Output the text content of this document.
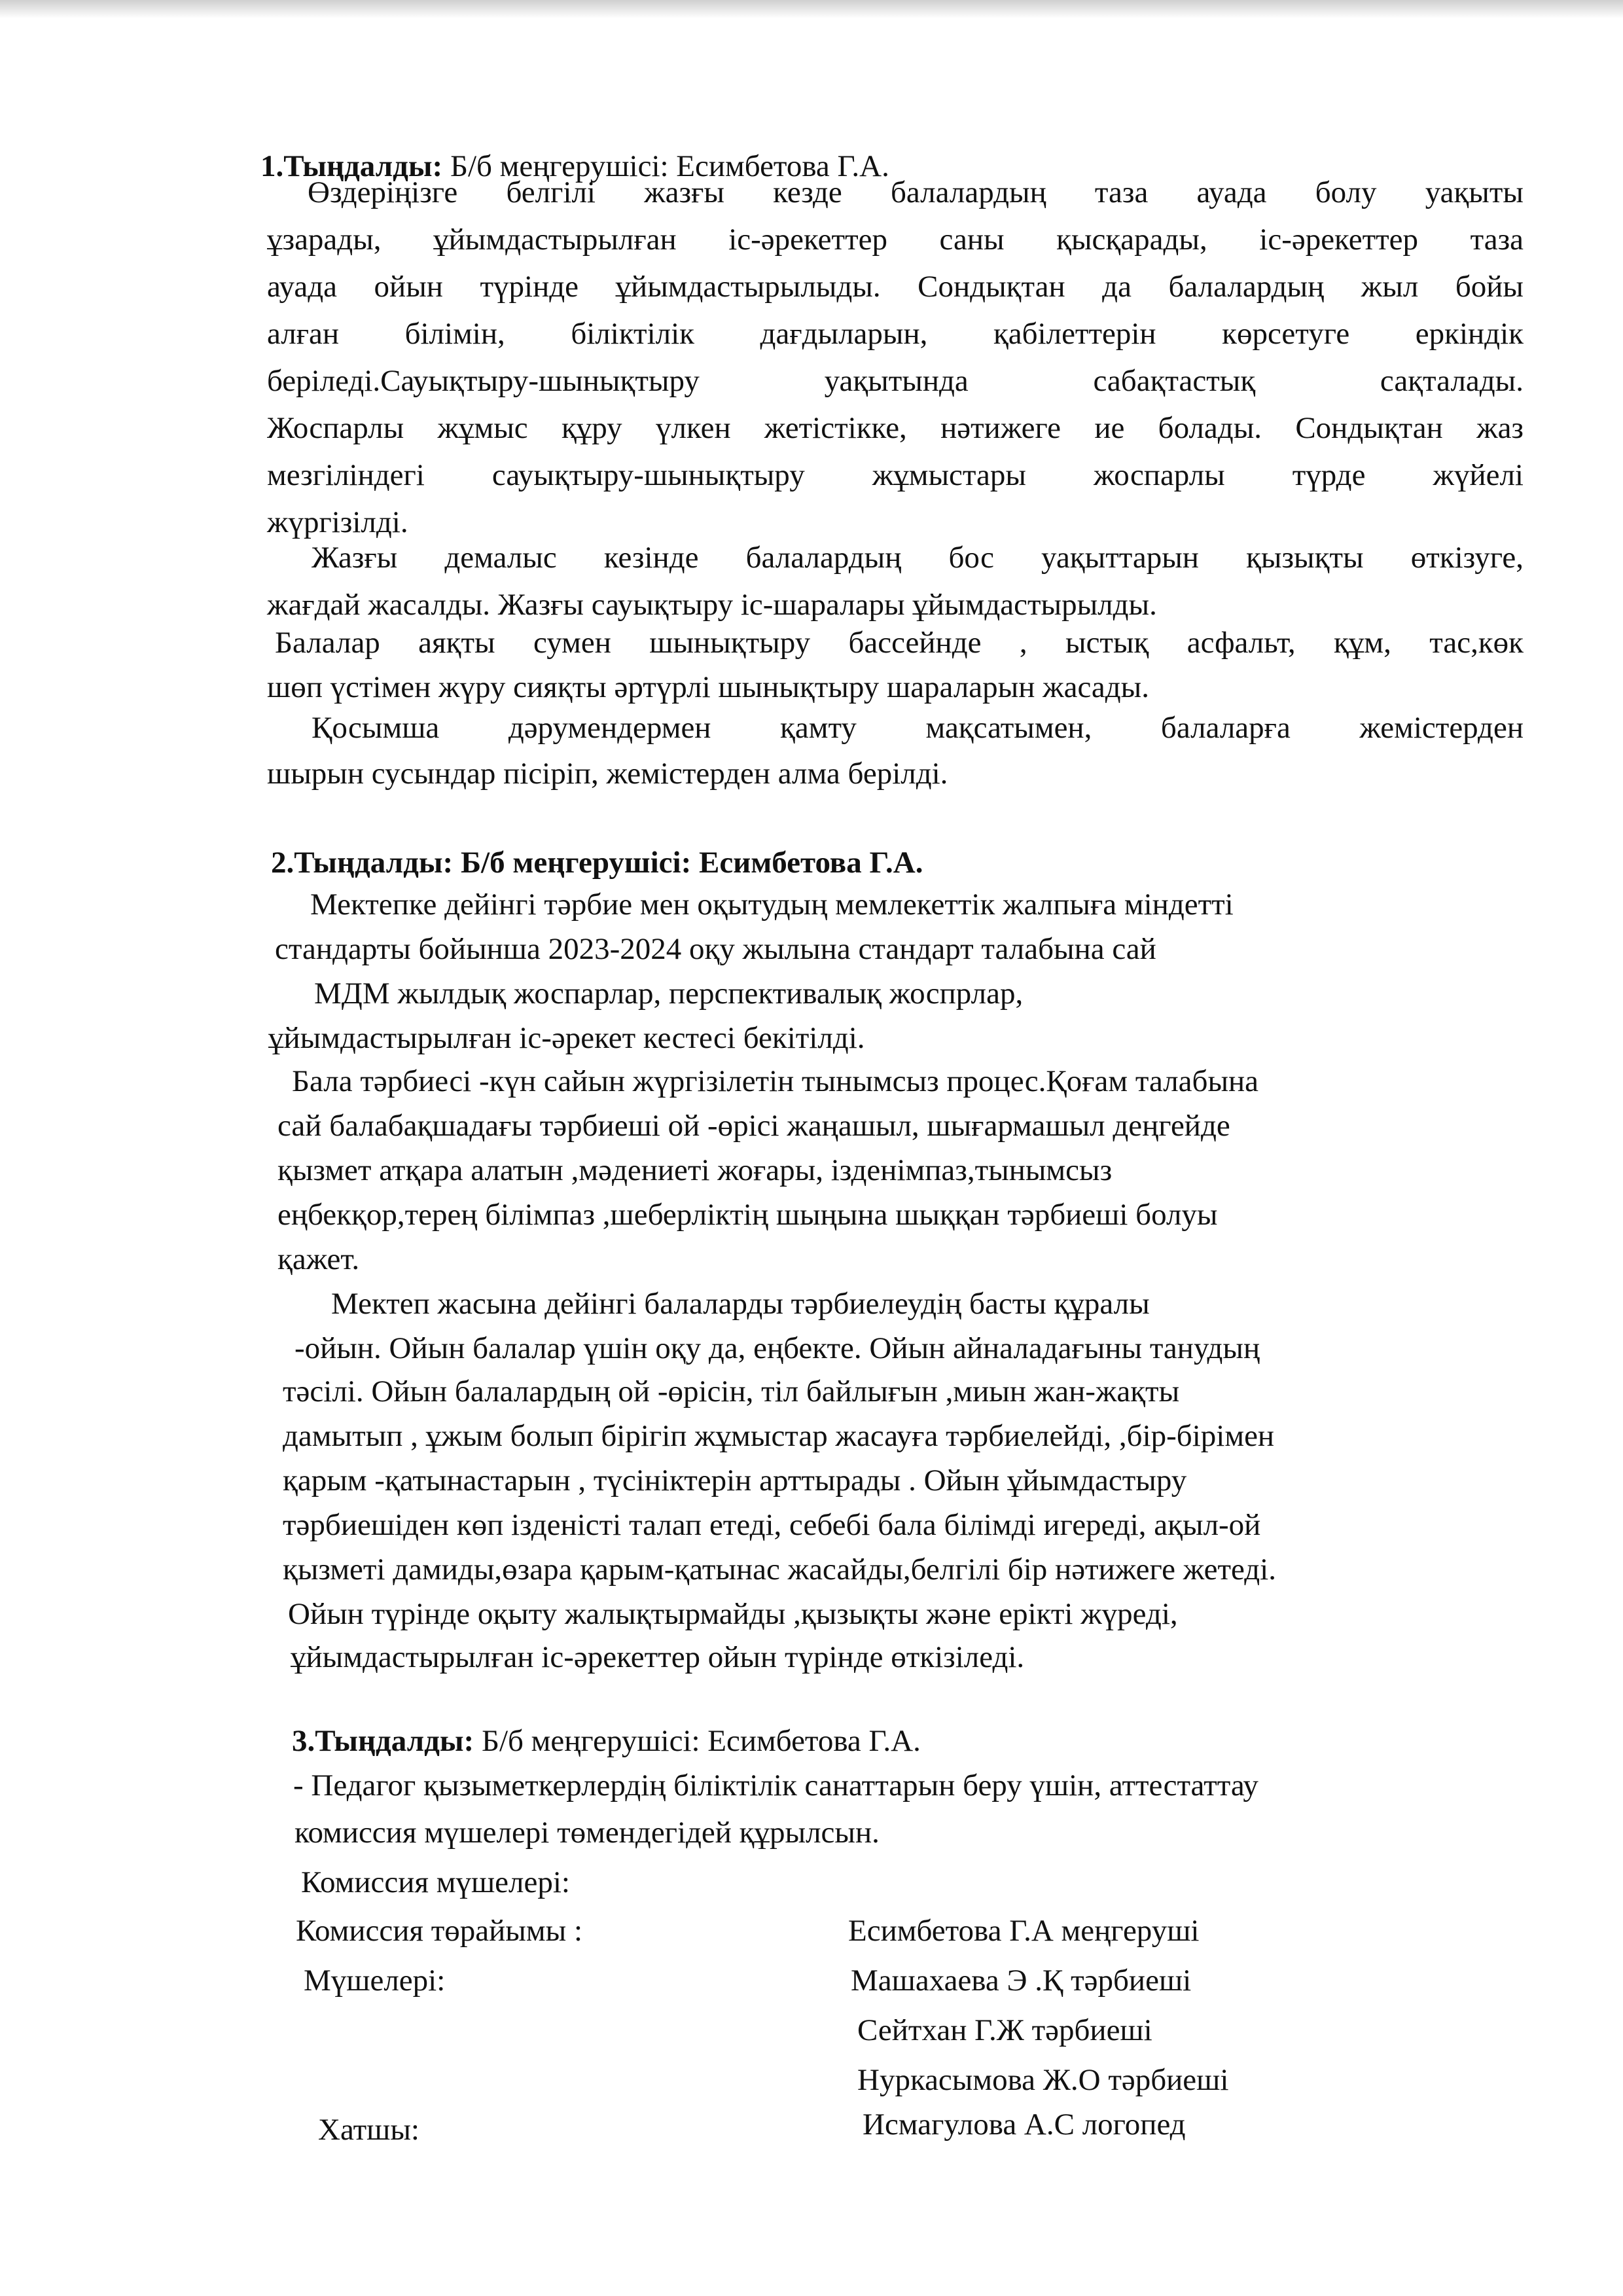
1.Тыңдалды: Б/б меңгерушісі: Есимбетова Г.А.
Өздеріңізге белгілі жазғы кезде балалардың таза ауада болу уақыты
ұзарады, ұйымдастырылған іс-әрекеттер саны қысқарады, іс-әрекеттер таза
ауада ойын түрінде ұйымдастырылыды. Сондықтан да балалардың жыл бойы
алған білімін, біліктілік дағдыларын, қабілеттерін көрсетуге еркіндік
беріледі.Сауықтыру-шынықтыру уақытында сабақтастық сақталады.
Жоспарлы жұмыс құру үлкен жетістікке, нәтижеге ие болады. Сондықтан жаз
мезгіліндегі сауықтыру-шынықтыру жұмыстары жоспарлы түрде жүйелі
жүргізілді.
Жазғы демалыс кезінде балалардың бос уақыттарын қызықты өткізуге,
жағдай жасалды. Жазғы сауықтыру іс-шаралары ұйымдастырылды.
Балалар аяқты сумен шынықтыру бассейнде , ыстық асфальт, құм, тас,көк
шөп үстімен жүру сияқты әртүрлі шынықтыру шараларын жасады.
Қосымша дәрумендермен қамту мақсатымен, балаларға жемістерден
шырын сусындар пісіріп, жемістерден алма берілді.
2.Тыңдалды: Б/б меңгерушісі: Есимбетова Г.А.
Мектепке дейінгі тәрбие мен оқытудың мемлекеттік жалпыға міндетті
стандарты бойынша 2023-2024 оқу жылына стандарт талабына сай
МДМ жылдық жоспарлар, перспективалық жоспрлар,
ұйымдастырылған іс-әрекет кестесі бекітілді.
Бала тәрбиесі -күн сайын жүргізілетін тынымсыз процес.Қоғам талабына
сай балабақшадағы тәрбиеші ой -өрісі жаңашыл, шығармашыл деңгейде
қызмет атқара алатын ,мәдениеті жоғары, ізденімпаз,тынымсыз
еңбекқор,терең білімпаз ,шеберліктің шыңына шыққан тәрбиеші болуы
қажет.
Мектеп жасына дейінгі балаларды тәрбиелеудің басты құралы
-ойын. Ойын балалар үшін оқу да, еңбекте. Ойын айналадағыны танудың
тәсілі. Ойын балалардың ой -өрісін, тіл байлығын ,миын жан-жақты
дамытып , ұжым болып бірігіп жұмыстар жасауға тәрбиелейді, ,бір-бірімен
қарым -қатынастарын , түсініктерін арттырады . Ойын ұйымдастыру
тәрбиешіден көп ізденісті талап етеді, себебі бала білімді игереді, ақыл-ой
қызметі дамиды,өзара қарым-қатынас жасайды,белгілі бір нәтижеге жетеді.
Ойын түрінде оқыту жалықтырмайды ,қызықты және ерікті жүреді,
ұйымдастырылған іс-әрекеттер ойын түрінде өткізіледі.
3.Тыңдалды: Б/б меңгерушісі: Есимбетова Г.А.
- Педагог қызыметкерлердің біліктілік санаттарын беру үшін, аттестаттау
комиссия мүшелері төмендегідей құрылсын.
Комиссия мүшелері:
Комиссия төрайымы :	Есимбетова Г.А меңгеруші
Мүшелері:	Машахаева Э .Қ тәрбиеші
Сейтхан Г.Ж тәрбиеші
Нуркасымова Ж.О тәрбиеші
Хатшы:	Исмагулова А.С логопед
